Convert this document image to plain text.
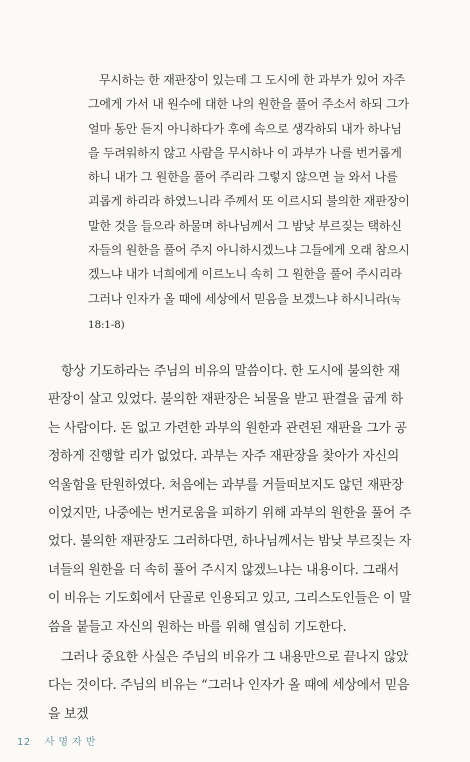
무시하는 한 재판장이 있는데 그 도시에 한 과부가 있어 자주 그에게 가서 내 원수에 대한 나의 원한을 풀어 주소서 하되 그가 얼마 동안 듣지 아니하다가 후에 속으로 생각하되 내가 하나님을 두려워하지 않고 사람을 무시하나 이 과부가 나를 번거롭게 하니 내가 그 원한을 풀어 주리라 그렇지 않으면 늘 와서 나를 괴롭게 하리라 하였느니라 주께서 또 이르시되 불의한 재판장이 말한 것을 들으라 하물며 하나님께서 그 밤낮 부르짖는 택하신 자들의 원한을 풀어 주지 아니하시겠느냐 그들에게 오래 참으시겠느냐 내가 너희에게 이르노니 속히 그 원한을 풀어 주시리라 그러나 인자가 올 때에 세상에서 믿음을 보겠느냐 하시니라(눅 18:1-8)

항상 기도하라는 주님의 비유의 말씀이다. 한 도시에 불의한 재판장이 살고 있었다. 불의한 재판장은 뇌물을 받고 판결을 굽게 하는 사람이다. 돈 없고 가련한 과부의 원한과 관련된 재판을 그가 공정하게 진행할 리가 없었다. 과부는 자주 재판장을 찾아가 자신의 억울함을 탄원하였다. 처음에는 과부를 거들떠보지도 않던 재판장이었지만, 나중에는 번거로움을 피하기 위해 과부의 원한을 풀어 주었다. 불의한 재판장도 그러하다면, 하나님께서는 밤낮 부르짖는 자녀들의 원한을 더 속히 풀어 주시지 않겠느냐는 내용이다. 그래서 이 비유는 기도회에서 단골로 인용되고 있고, 그리스도인들은 이 말씀을 붙들고 자신의 원하는 바를 위해 열심히 기도한다.

그러나 중요한 사실은 주님의 비유가 그 내용만으로 끝나지 않았다는 것이다. 주님의 비유는 “그러나 인자가 올 때에 세상에서 믿음을 보겠

12 사명자반
